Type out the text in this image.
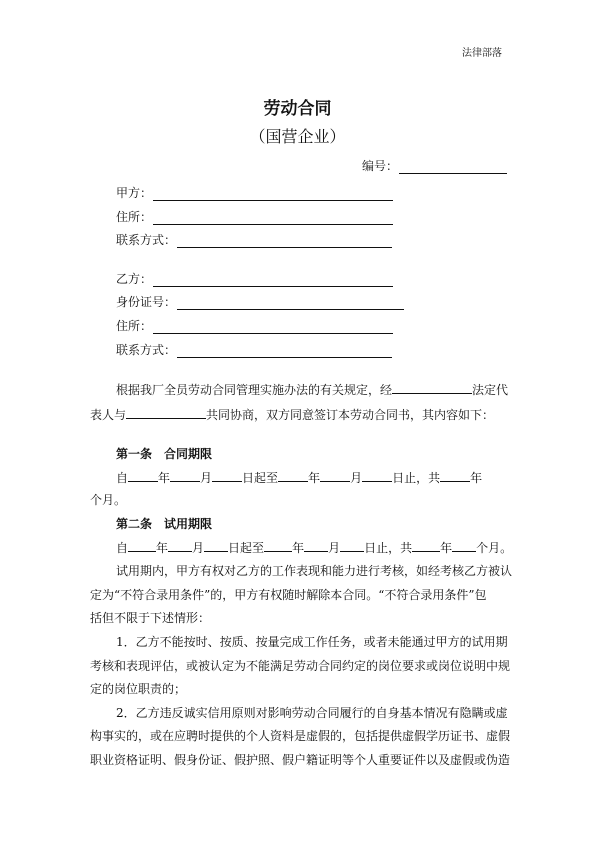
法律部落
劳动合同
（国营企业）
编号：
甲方：
住所：
联系方式：
乙方：
身份证号：
住所：
联系方式：
根据我厂全员劳动合同管理实施办法的有关规定，经	法定代
表人与	共同协商，双方同意签订本劳动合同书，其内容如下：
第一条　合同期限
自	年	月	日起至	年	月	日止，共	年
个月。
第二条　试用期限
自 年 月 日起至 年 月 日止，共 年 个月。
试用期内，甲方有权对乙方的工作表现和能力进行考核，如经考核乙方被认
定为“不符合录用条件”的，甲方有权随时解除本合同。“不符合录用条件”包
括但不限于下述情形：
1．乙方不能按时、按质、按量完成工作任务，或者未能通过甲方的试用期
考核和表现评估，或被认定为不能满足劳动合同约定的岗位要求或岗位说明中规
定的岗位职责的；
2．乙方违反诚实信用原则对影响劳动合同履行的自身基本情况有隐瞒或虚
构事实的，或在应聘时提供的个人资料是虚假的，包括提供虚假学历证书、虚假
职业资格证明、假身份证、假护照、假户籍证明等个人重要证件以及虚假或伪造
